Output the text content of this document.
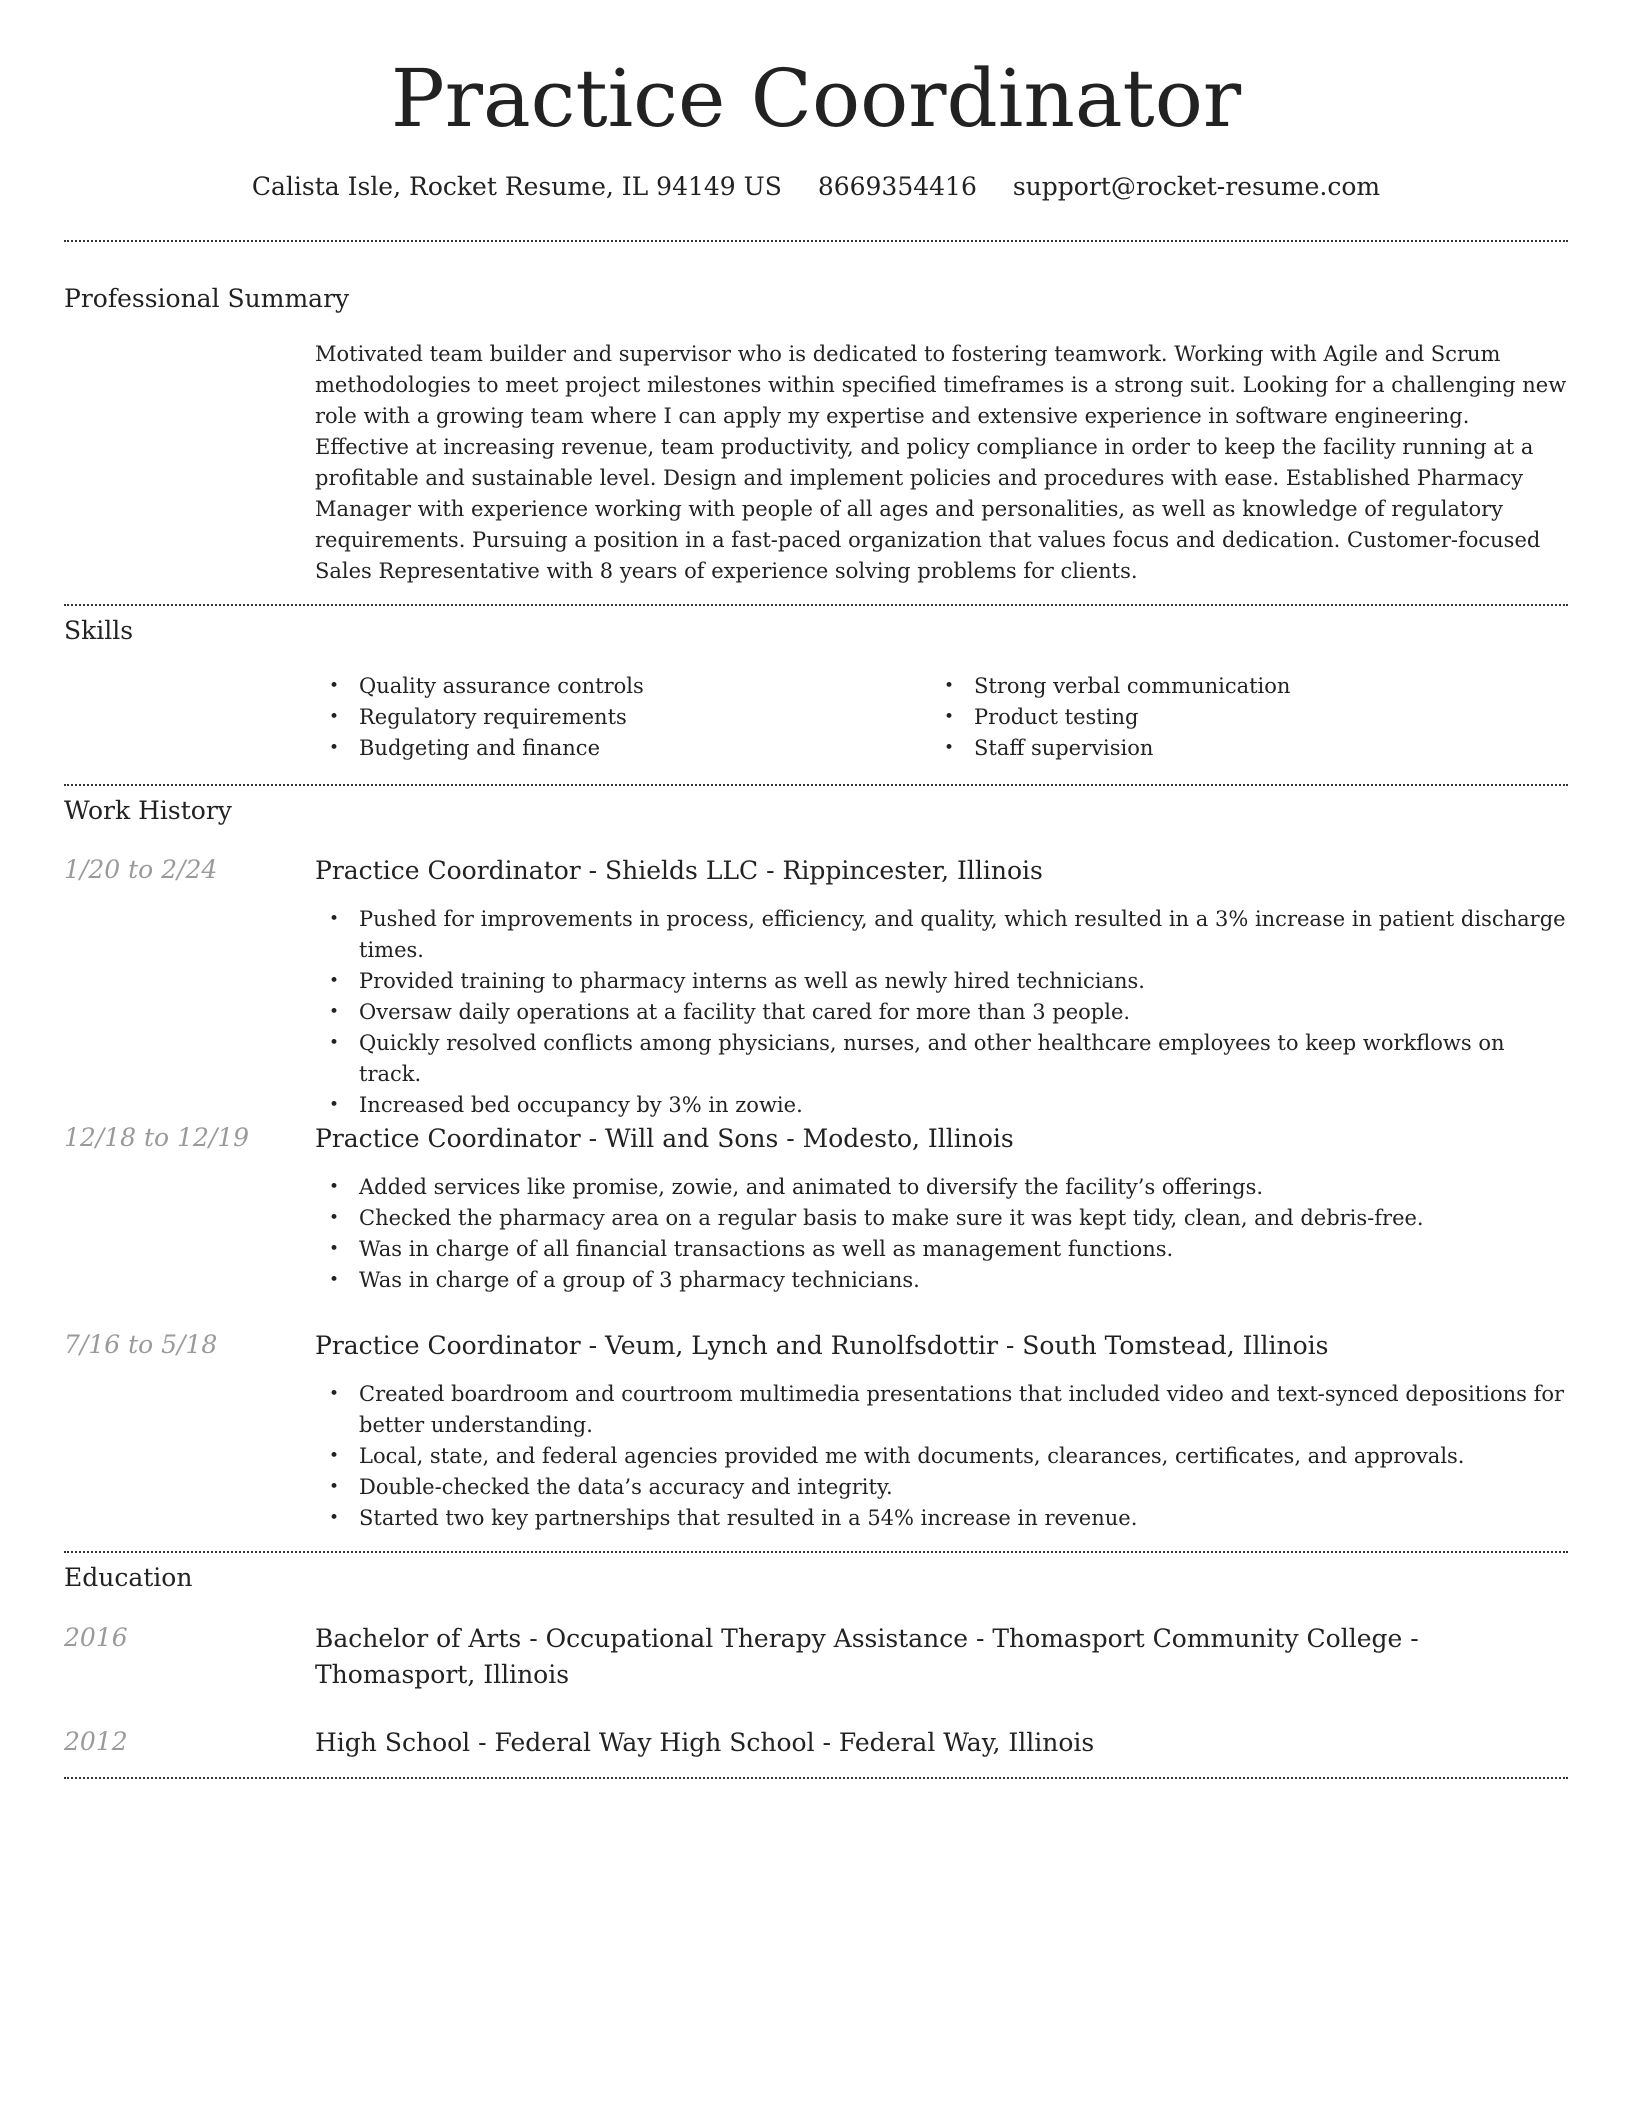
Practice Coordinator
Calista Isle, Rocket Resume, IL 94149 US 8669354416 support@rocket-resume.com
Professional Summary

Motivated team builder and supervisor who is dedicated to fostering teamwork. Working with Agile and Scrum methodologies to meet project milestones within specified timeframes is a strong suit. Looking for a challenging new role with a growing team where I can apply my expertise and extensive experience in software engineering. Effective at increasing revenue, team productivity, and policy compliance in order to keep the facility running at a profitable and sustainable level. Design and implement policies and procedures with ease. Established Pharmacy Manager with experience working with people of all ages and personalities, as well as knowledge of regulatory requirements. Pursuing a position in a fast-paced organization that values focus and dedication. Customer-focused Sales Representative with 8 years of experience solving problems for clients.

Skills
• Quality assurance controls
• Regulatory requirements
• Budgeting and finance
• Strong verbal communication
• Product testing
• Staff supervision
Work History
1/20 to 2/24	Practice Coordinator - Shields LLC - Rippincester, Illinois
• Pushed for improvements in process, efficiency, and quality, which resulted in a 3% increase in patient discharge times.
• Provided training to pharmacy interns as well as newly hired technicians.
• Oversaw daily operations at a facility that cared for more than 3 people.
• Quickly resolved conflicts among physicians, nurses, and other healthcare employees to keep workflows on track.
• Increased bed occupancy by 3% in zowie.
12/18 to 12/19	Practice Coordinator - Will and Sons - Modesto, Illinois
• Added services like promise, zowie, and animated to diversify the facility’s offerings.
• Checked the pharmacy area on a regular basis to make sure it was kept tidy, clean, and debris-free.
• Was in charge of all financial transactions as well as management functions.
• Was in charge of a group of 3 pharmacy technicians.
7/16 to 5/18	Practice Coordinator - Veum, Lynch and Runolfsdottir - South Tomstead, Illinois
• Created boardroom and courtroom multimedia presentations that included video and text-synced depositions for better understanding.
• Local, state, and federal agencies provided me with documents, clearances, certificates, and approvals.
• Double-checked the data’s accuracy and integrity.
• Started two key partnerships that resulted in a 54% increase in revenue.
Education
2016	Bachelor of Arts - Occupational Therapy Assistance - Thomasport Community College - Thomasport, Illinois
2012	High School - Federal Way High School - Federal Way, Illinois
